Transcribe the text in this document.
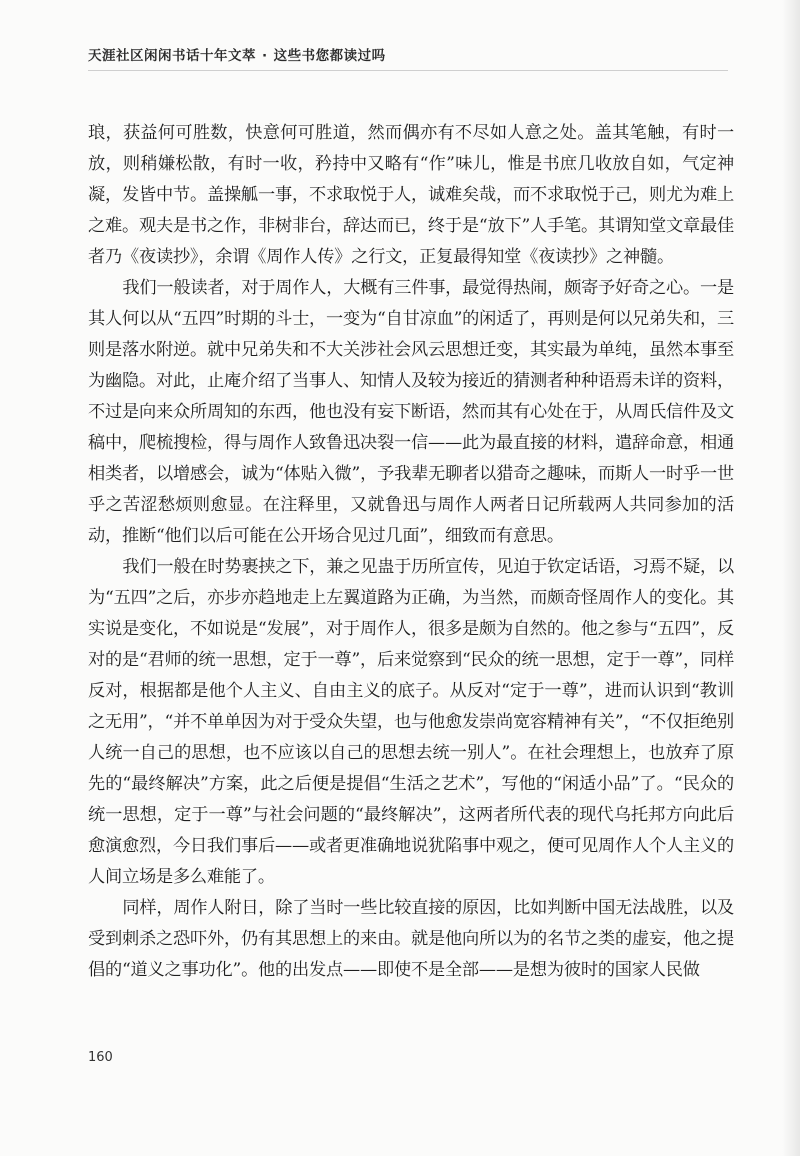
天涯社区闲闲书话十年文萃 · 这些书您都读过吗

琅，获益何可胜数，快意何可胜道，然而偶亦有不尽如人意之处。盖其笔触，有时一放，则稍嫌松散，有时一收，矜持中又略有“作”味儿，惟是书庶几收放自如，气定神凝，发皆中节。盖操觚一事，不求取悦于人，诚难矣哉，而不求取悦于己，则尤为难上之难。观夫是书之作，非树非台，辞达而已，终于是“放下”人手笔。其谓知堂文章最佳者乃《夜读抄》，余谓《周作人传》之行文，正复最得知堂《夜读抄》之神髓。

我们一般读者，对于周作人，大概有三件事，最觉得热闹，颇寄予好奇之心。一是其人何以从“五四”时期的斗士，一变为“自甘凉血”的闲适了，再则是何以兄弟失和，三则是落水附逆。就中兄弟失和不大关涉社会风云思想迁变，其实最为单纯，虽然本事至为幽隐。对此，止庵介绍了当事人、知情人及较为接近的猜测者种种语焉未详的资料，不过是向来众所周知的东西，他也没有妄下断语，然而其有心处在于，从周氏信件及文稿中，爬梳搜检，得与周作人致鲁迅决裂一信——此为最直接的材料，遣辞命意，相通相类者，以增感会，诚为“体贴入微”，予我辈无聊者以猎奇之趣味，而斯人一时乎一世乎之苦涩愁烦则愈显。在注释里，又就鲁迅与周作人两者日记所载两人共同参加的活动，推断“他们以后可能在公开场合见过几面”，细致而有意思。

我们一般在时势裹挟之下，兼之见蛊于历所宣传，见迫于钦定话语，习焉不疑，以为“五四”之后，亦步亦趋地走上左翼道路为正确，为当然，而颇奇怪周作人的变化。其实说是变化，不如说是“发展”，对于周作人，很多是颇为自然的。他之参与“五四”，反对的是“君师的统一思想，定于一尊”，后来觉察到“民众的统一思想，定于一尊”，同样反对，根据都是他个人主义、自由主义的底子。从反对“定于一尊”，进而认识到“教训之无用”，“并不单单因为对于受众失望，也与他愈发崇尚宽容精神有关”，“不仅拒绝别人统一自己的思想，也不应该以自己的思想去统一别人”。在社会理想上，也放弃了原先的“最终解决”方案，此之后便是提倡“生活之艺术”，写他的“闲适小品”了。“民众的统一思想，定于一尊”与社会问题的“最终解决”，这两者所代表的现代乌托邦方向此后愈演愈烈，今日我们事后——或者更准确地说犹陷事中观之，便可见周作人个人主义的人间立场是多么难能了。

同样，周作人附日，除了当时一些比较直接的原因，比如判断中国无法战胜，以及受到刺杀之恐吓外，仍有其思想上的来由。就是他向所以为的名节之类的虚妄，他之提倡的“道义之事功化”。他的出发点——即使不是全部——是想为彼时的国家人民做

160
